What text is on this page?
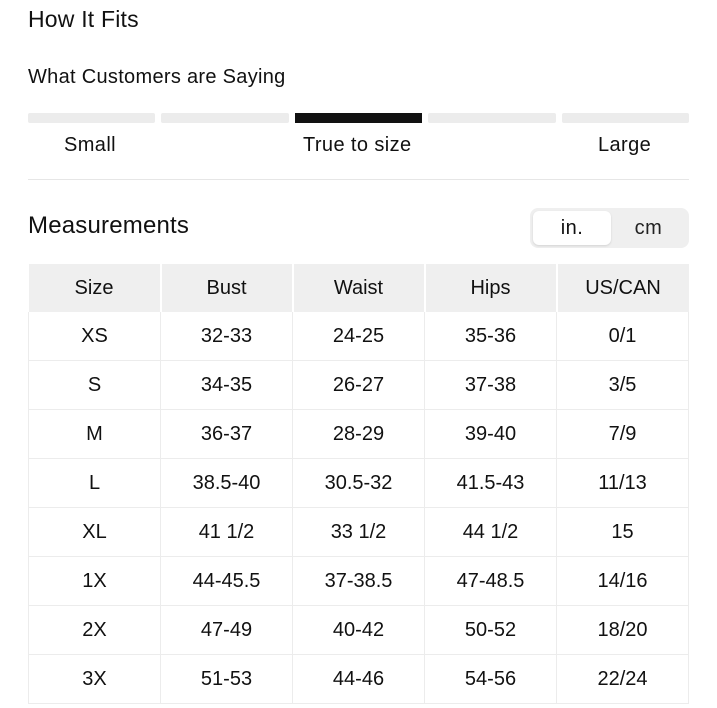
How It Fits
What Customers are Saying
Small	True to size	Large
Measurements	in.	cm
Size	Bust	Waist	Hips	US/CAN
XS	32-33	24-25	35-36	0/1
S	34-35	26-27	37-38	3/5
M	36-37	28-29	39-40	7/9
L	38.5-40	30.5-32	41.5-43	11/13
XL	41 1/2	33 1/2	44 1/2	15
1X	44-45.5	37-38.5	47-48.5	14/16
2X	47-49	40-42	50-52	18/20
3X	51-53	44-46	54-56	22/24
